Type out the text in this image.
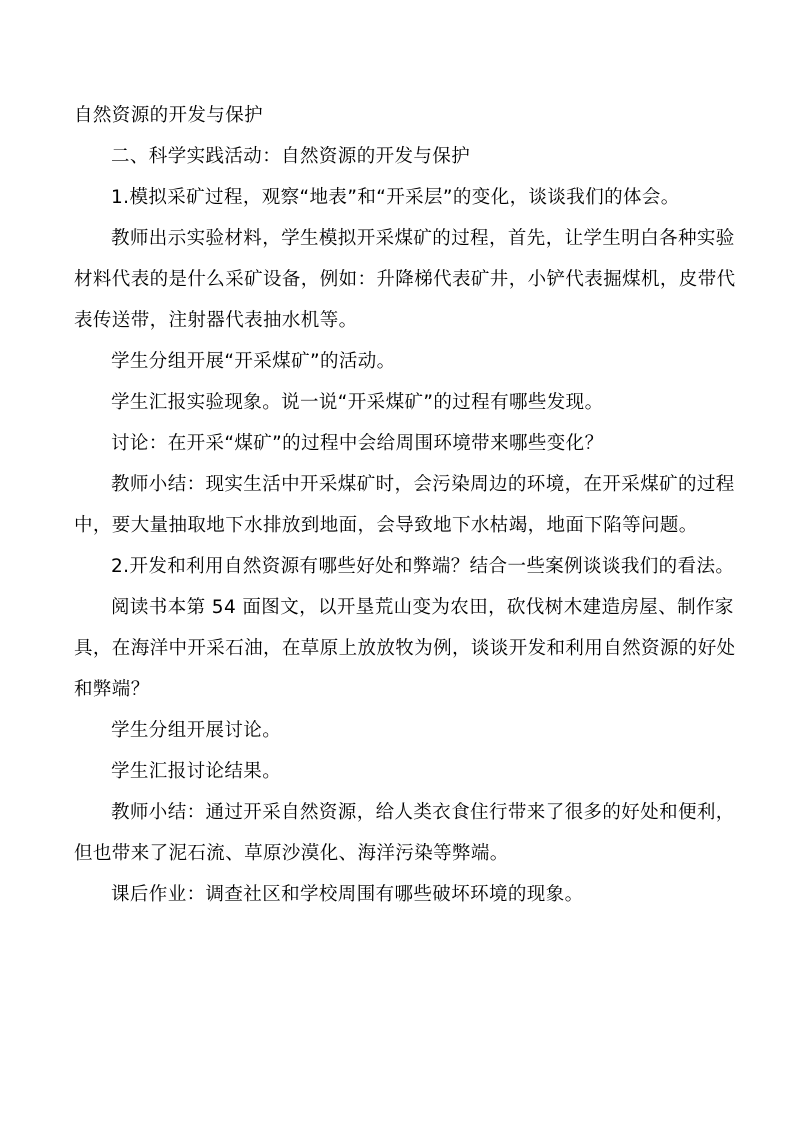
自然资源的开发与保护
二、科学实践活动：自然资源的开发与保护
1.模拟采矿过程，观察“地表”和“开采层”的变化，谈谈我们的体会。
教师出示实验材料，学生模拟开采煤矿的过程，首先，让学生明白各种实验
材料代表的是什么采矿设备，例如：升降梯代表矿井，小铲代表掘煤机，皮带代
表传送带，注射器代表抽水机等。
学生分组开展“开采煤矿”的活动。
学生汇报实验现象。说一说“开采煤矿”的过程有哪些发现。
讨论：在开采“煤矿”的过程中会给周围环境带来哪些变化？
教师小结：现实生活中开采煤矿时，会污染周边的环境，在开采煤矿的过程
中，要大量抽取地下水排放到地面，会导致地下水枯竭，地面下陷等问题。
2.开发和利用自然资源有哪些好处和弊端？结合一些案例谈谈我们的看法。
阅读书本第 54 面图文，以开垦荒山变为农田，砍伐树木建造房屋、制作家
具，在海洋中开采石油，在草原上放放牧为例，谈谈开发和利用自然资源的好处
和弊端？
学生分组开展讨论。
学生汇报讨论结果。
教师小结：通过开采自然资源，给人类衣食住行带来了很多的好处和便利，
但也带来了泥石流、草原沙漠化、海洋污染等弊端。
课后作业：调查社区和学校周围有哪些破坏环境的现象。
